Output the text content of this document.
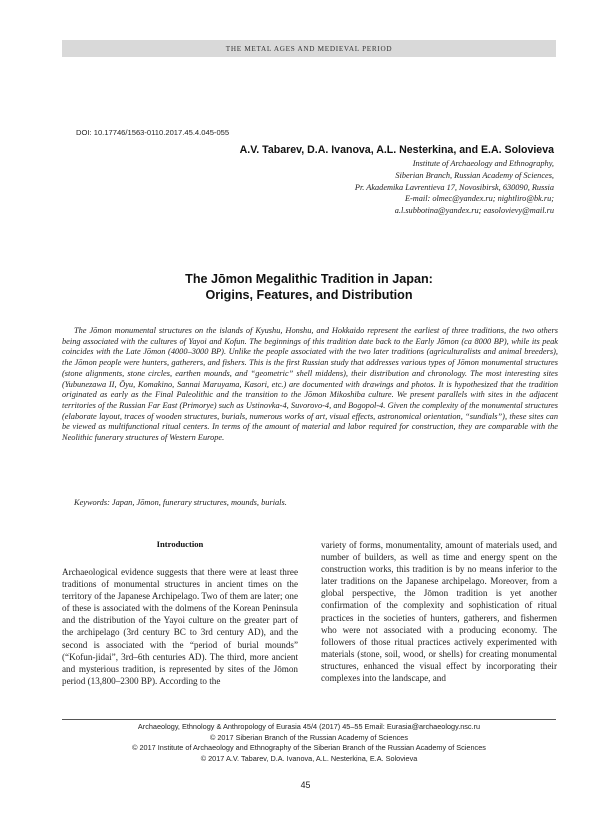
THE METAL AGES AND MEDIEVAL PERIOD
DOI: 10.17746/1563-0110.2017.45.4.045-055
A.V. Tabarev, D.A. Ivanova, A.L. Nesterkina, and E.A. Solovieva
Institute of Archaeology and Ethnography,
Siberian Branch, Russian Academy of Sciences,
Pr. Akademika Lavrentieva 17, Novosibirsk, 630090, Russia
E-mail: olmec@yandex.ru; nightliro@bk.ru;
a.l.subbotina@yandex.ru; easolovievy@mail.ru
The Jōmon Megalithic Tradition in Japan:
Origins, Features, and Distribution

The Jōmon monumental structures on the islands of Kyushu, Honshu, and Hokkaido represent the earliest of three traditions, the two others being associated with the cultures of Yayoi and Kofun. The beginnings of this tradition date back to the Early Jōmon (ca 8000 BP), while its peak coincides with the Late Jōmon (4000–3000 BP). Unlike the people associated with the two later traditions (agriculturalists and animal breeders), the Jōmon people were hunters, gatherers, and fishers. This is the first Russian study that addresses various types of Jōmon monumental structures (stone alignments, stone circles, earthen mounds, and “geometric” shell middens), their distribution and chronology. The most interesting sites (Yubunezawa II, Ōyu, Komakino, Sannai Maruyama, Kasori, etc.) are documented with drawings and photos. It is hypothesized that the tradition originated as early as the Final Paleolithic and the transition to the Jōmon Mikoshiba culture. We present parallels with sites in the adjacent territories of the Russian Far East (Primorye) such as Ustinovka-4, Suvorovo-4, and Bogopol-4. Given the complexity of the monumental structures (elaborate layout, traces of wooden structures, burials, numerous works of art, visual effects, astronomical orientation, “sundials”), these sites can be viewed as multifunctional ritual centers. In terms of the amount of material and labor required for construction, they are comparable with the Neolithic funerary structures of Western Europe.

Keywords: Japan, Jōmon, funerary structures, mounds, burials.
Introduction

Archaeological evidence suggests that there were at least three traditions of monumental structures in ancient times on the territory of the Japanese Archipelago. Two of them are later; one of these is associated with the dolmens of the Korean Peninsula and the distribution of the Yayoi culture on the greater part of the archipelago (3rd century BC to 3rd century AD), and the second is associated with the “period of burial mounds” (“Kofun-jidai”, 3rd–6th centuries AD). The third, more ancient and mysterious tradition, is represented by sites of the Jōmon period (13,800–2300 BP). According to the

variety of forms, monumentality, amount of materials used, and number of builders, as well as time and energy spent on the construction works, this tradition is by no means inferior to the later traditions on the Japanese archipelago. Moreover, from a global perspective, the Jōmon tradition is yet another confirmation of the complexity and sophistication of ritual practices in the societies of hunters, gatherers, and fishermen who were not associated with a producing economy. The followers of those ritual practices actively experimented with materials (stone, soil, wood, or shells) for creating monumental structures, enhanced the visual effect by incorporating their complexes into the landscape, and

Archaeology, Ethnology & Anthropology of Eurasia 45/4 (2017) 45–55 Email: Eurasia@archaeology.nsc.ru
© 2017 Siberian Branch of the Russian Academy of Sciences
© 2017 Institute of Archaeology and Ethnography of the Siberian Branch of the Russian Academy of Sciences
© 2017 A.V. Tabarev, D.A. Ivanova, A.L. Nesterkina, E.A. Solovieva
45
